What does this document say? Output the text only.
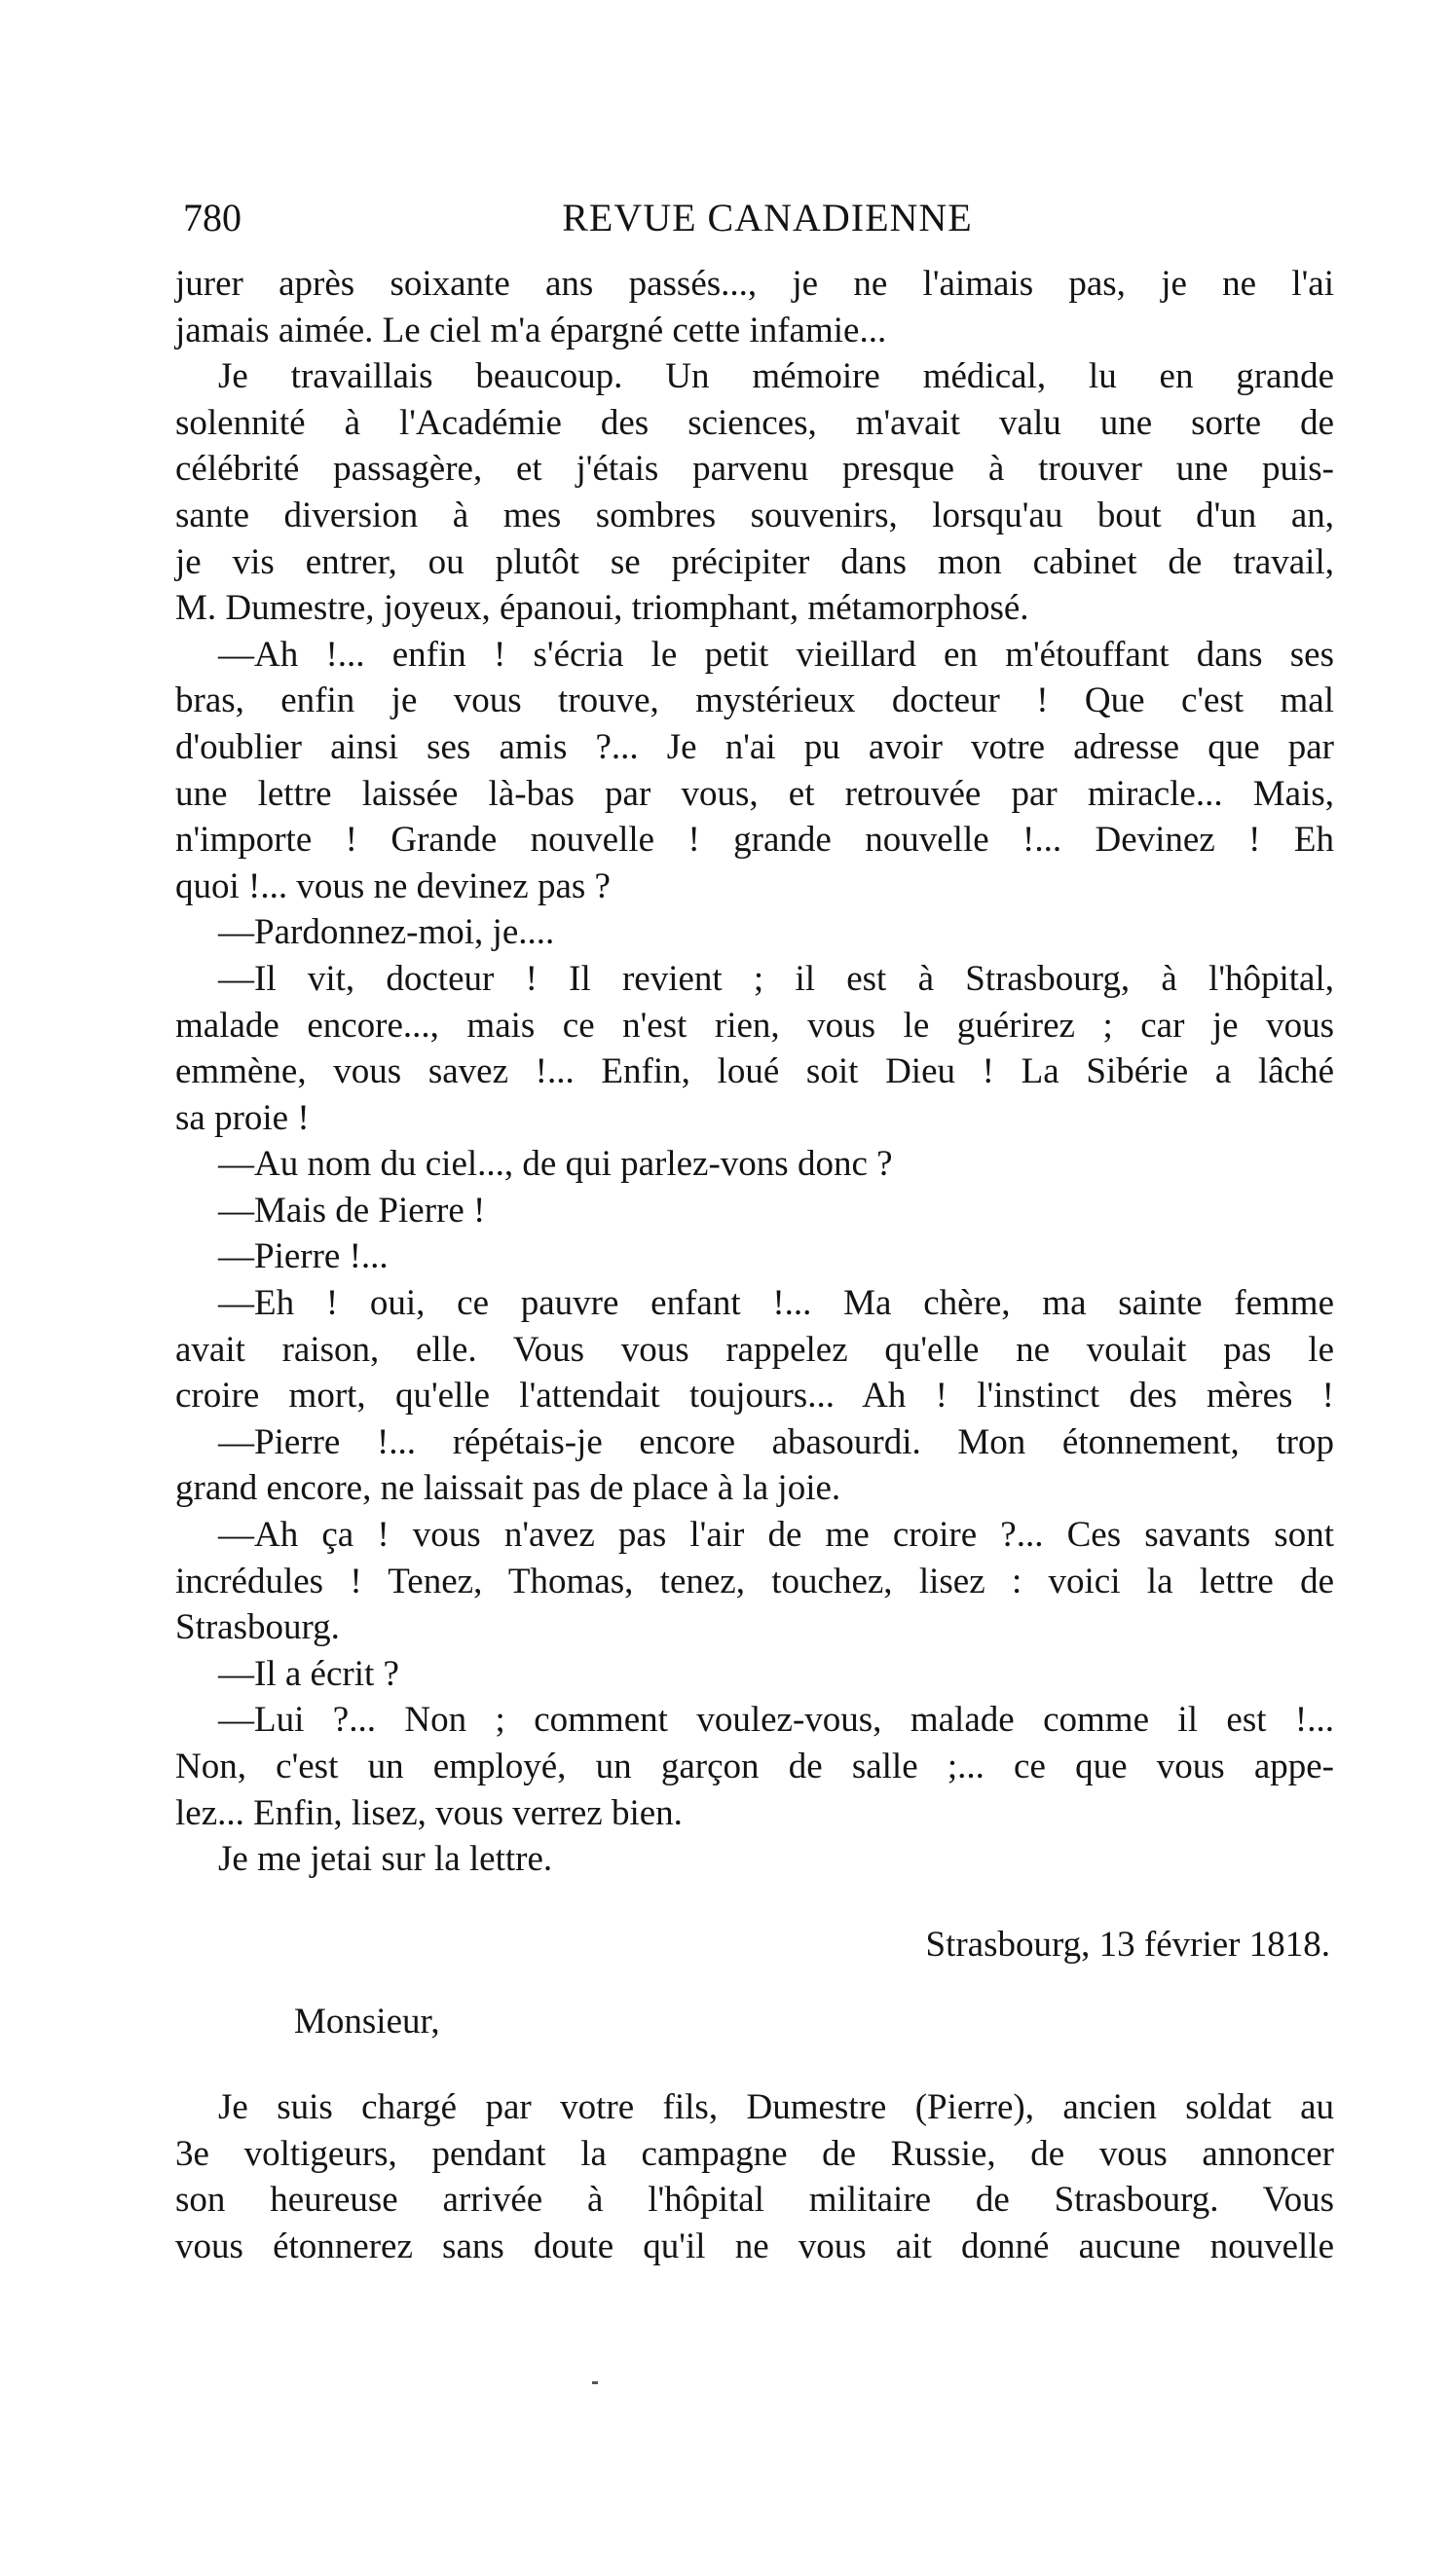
780	REVUE CANADIENNE
jurer après soixante ans passés..., je ne l'aimais pas, je ne l'ai
jamais aimée. Le ciel m'a épargné cette infamie...
Je travaillais beaucoup. Un mémoire médical, lu en grande
solennité à l'Académie des sciences, m'avait valu une sorte de
célébrité passagère, et j'étais parvenu presque à trouver une puis-
sante diversion à mes sombres souvenirs, lorsqu'au bout d'un an,
je vis entrer, ou plutôt se précipiter dans mon cabinet de travail,
M. Dumestre, joyeux, épanoui, triomphant, métamorphosé.
—Ah !... enfin ! s'écria le petit vieillard en m'étouffant dans ses
bras, enfin je vous trouve, mystérieux docteur ! Que c'est mal
d'oublier ainsi ses amis ?... Je n'ai pu avoir votre adresse que par
une lettre laissée là-bas par vous, et retrouvée par miracle... Mais,
n'importe ! Grande nouvelle ! grande nouvelle !... Devinez ! Eh
quoi !... vous ne devinez pas ?
—Pardonnez-moi, je....
—Il vit, docteur ! Il revient ; il est à Strasbourg, à l'hôpital,
malade encore..., mais ce n'est rien, vous le guérirez ; car je vous
emmène, vous savez !... Enfin, loué soit Dieu ! La Sibérie a lâché
sa proie !
—Au nom du ciel..., de qui parlez-vons donc ?
—Mais de Pierre !
—Pierre !...
—Eh ! oui, ce pauvre enfant !... Ma chère, ma sainte femme
avait raison, elle. Vous vous rappelez qu'elle ne voulait pas le
croire mort, qu'elle l'attendait toujours... Ah ! l'instinct des mères !
—Pierre !... répétais-je encore abasourdi. Mon étonnement, trop
grand encore, ne laissait pas de place à la joie.
—Ah ça ! vous n'avez pas l'air de me croire ?... Ces savants sont
incrédules ! Tenez, Thomas, tenez, touchez, lisez : voici la lettre de
Strasbourg.
—Il a écrit ?
—Lui ?... Non ; comment voulez-vous, malade comme il est !...
Non, c'est un employé, un garçon de salle ;... ce que vous appe-
lez... Enfin, lisez, vous verrez bien.
Je me jetai sur la lettre.
Strasbourg, 13 février 1818.
Monsieur,
Je suis chargé par votre fils, Dumestre (Pierre), ancien soldat au
3e voltigeurs, pendant la campagne de Russie, de vous annoncer
son heureuse arrivée à l'hôpital militaire de Strasbourg. Vous
vous étonnerez sans doute qu'il ne vous ait donné aucune nouvelle
